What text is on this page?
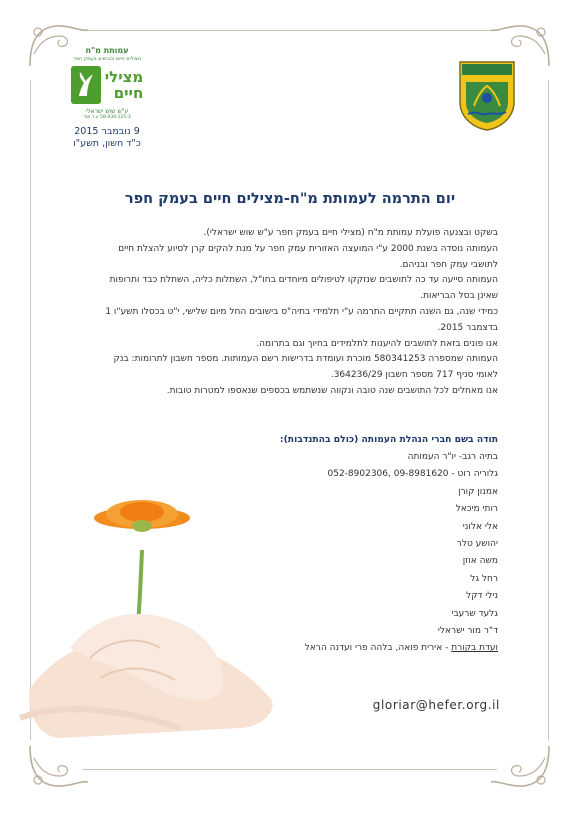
עמותת מ"ח
מצילים חיים וכבישים בעמק חפר
מצילי
חיים
ע"ש שוש ישראלי
58-034-125-3 ע.ר מס'
9 נובמבר 2015
כ"ד חשון, תשע"ו
יום התרמה לעמותת מ"ח-מצילים חיים בעמק חפר

בשקט ובצנעה פועלת עמותת מ"ח (מצילי חיים בעמק חפר ע"ש שוש ישראלי).

העמותה נוסדה בשנת 2000 ע"י המועצה האזורית עמק חפר על מנת להקים קרן לסיוע להצלת חיים לתושבי עמק חפר ובניהם.

העמותה סייעה עד כה לתושבים שנזקקו לטיפולים מיוחדים בחו"ל, השתלות כליה, השתלת כבד ותרופות שאינן בסל הבריאות.

כמידי שנה, גם השנה תתקיים התרמה ע"י תלמידי בתיה"ס בישובים החל מיום שלישי, י"ט בכסלו תשע"ו 1 בדצמבר 2015.

אנו פונים בזאת לתושבים להיענות לתלמידים בחיוך וגם בתרומה.

העמותה שמספרה 580341253 מוכרת ועומדת בדרישות רשם העמותות. מספר חשבון לתרומות: בנק לאומי סניף 717 מספר חשבון 364236/29.

אנו מאחלים לכל התושבים שנה טובה ונקווה שנשתמש בכספים שנאספו למטרות טובות.

תודה בשם חברי הנהלת העמותה (כולם בהתנדבות):
בתיה רגב- יו"ר העמותה
גלוריה רוט - 09-8981620 ,052-8902306
אמנון קורן
רותי מיכאל
אלי אלוני
יהושע טלר
משה אוזן
רחל גל
נילי דקל
גלעד שרעבי
ד"ר מור ישראלי
ועדת בקורת - אירית פואה, בלהה פרי ועדנה הראל
gloriar@hefer.org.il
